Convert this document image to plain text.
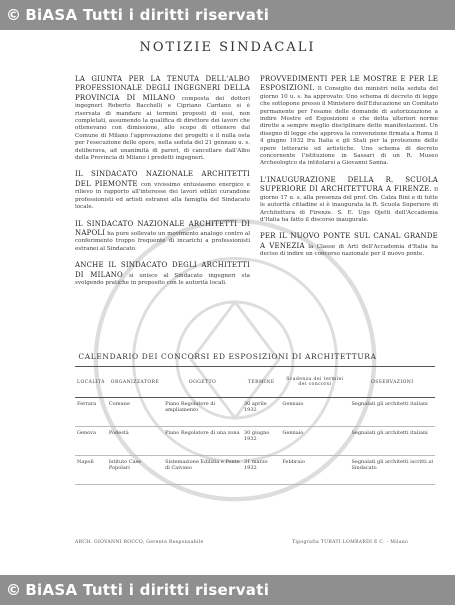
© BiASA Tutti i diritti riservati
NOTIZIE SINDACALI

LA GIUNTA PER LA TENUTA DELL'ALBO PROFESSIONALE DEGLI INGEGNERI DELLA PROVINCIA DI MILANO composta dei dottori ingegneri Roberto Bacchelli e Cipriano Cardano si è riservata di mandare ai termini proposti di essi, non completati, assumendo la qualifica di direttore dei lavori che ottenevano con dimissione, allo scopo di ottenere dal Comune di Milano l'approvazione dei progetti e il nulla osta per l'esecuzione delle opere, nella seduta del 21 gennaio u. s. deliberava, ad unanimità di pareri, di cancellare dall'Albo della Provincia di Milano i predetti ingegneri.

IL SINDACATO NAZIONALE ARCHITETTI DEL PIEMONTE con vivissimo entusiasmo energico e rilievo in rapporto all'interesse dei lavori edilizi curandone professionisti ed artisti estranei alla famiglia del Sindacato locale.

IL SINDACATO NAZIONALE ARCHITETTI DI NAPOLI ha pure sollevato un movimento analogo contro al conferimento troppo frequente di incarichi a professionisti estranei al Sindacato.

ANCHE IL SINDACATO DEGLI ARCHITETTI DI MILANO si unisce al Sindacato ingegneri sta svolgendo pratiche in proposito con le autorità locali.

PROVVEDIMENTI PER LE MOSTRE E PER LE ESPOSIZIONI. Il Consiglio dei ministri nella seduta del giorno 10 u. s. ha approvato: Uno schema di decreto di legge che sottopone presso il Ministero dell'Educazione un Comitato permanente per l'esame delle domande di autorizzazione a indire Mostre ed Esposizioni e che detta ulteriori norme dirette a sempre meglio disciplinare dette manifestazioni. Un disegno di legge che approva la convenzione firmata a Roma il 4 giugno 1932 fra Italia e gli Stati per la protezione delle opere letterarie ed artistiche. Uno schema di decreto concernente l'istituzione in Sassari di un R. Museo Archeologico da intitolarsi a Giovanni Sanna.

L'INAUGURAZIONE DELLA R. SCUOLA SUPERIORE DI ARCHITETTURA A FIRENZE. Il giorno 17 u. s. alla presenza del prof. On. Calza Bini e di tutte le autorità cittadine si è inaugurata la R. Scuola Superiore di Architettura di Firenze. S. E. Ugo Ojetti dell'Accademia d'Italia ha fatto il discorso inaugurale.

PER IL NUOVO PONTE SUL CANAL GRANDE A VENEZIA la Classe di Arti dell'Accademia d'Italia ha deciso di indire un concorso nazionale per il nuovo ponte.

CALENDARIO DEI CONCORSI ED ESPOSIZIONI DI ARCHITETTURA
LOCALITÀ	ORGANIZZATORE	OGGETTO	TERMINE	Scadenza dei termini dei concorsi	OSSERVAZIONI
Ferrara	Comune	Piano Regolatore di ampliamento	30 aprile 1932	Gennaio	Segnalati gli architetti italiani
Genova	Podestà	Piano Regolatore di una zona	30 giugno 1932	Gennaio	Segnalati gli architetti italiani
Napoli	Istituto Case Popolari	Sistemazione Edilizia e Ponte di Caivano	31 marzo 1932	Febbraio	Segnalati gli architetti iscritti al Sindacato
ARCH. GIOVANNI ROCCO, Gerente Responsabile	Tipografia TURATI LOMBARDI E C. - Milano
© BiASA Tutti i diritti riservati
